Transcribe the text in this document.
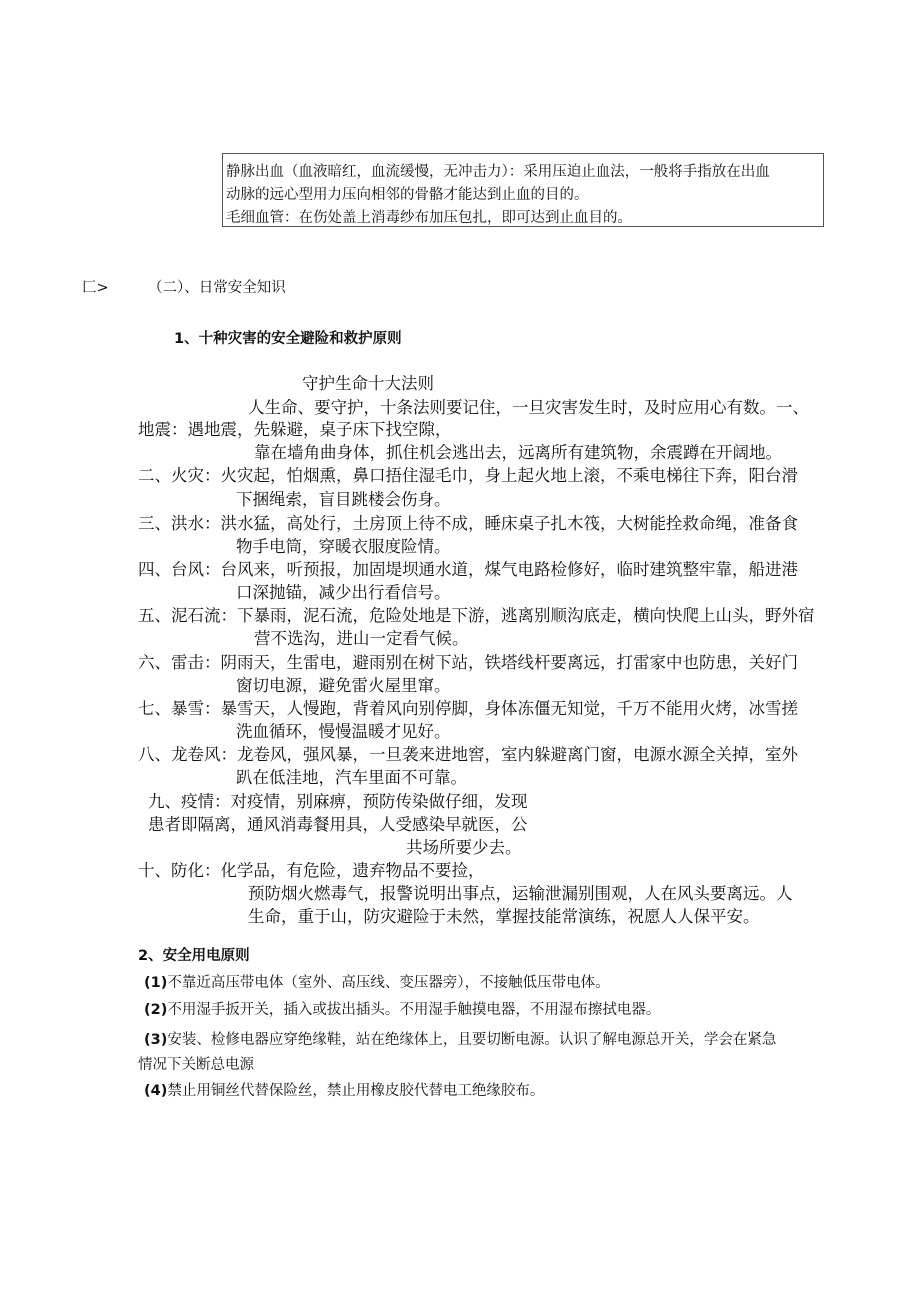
静脉出血（血液暗红，血流缓慢，无冲击力）：采用压迫止血法，一般将手指放在出血
动脉的远心型用力压向相邻的骨骼才能达到止血的目的。
毛细血管：在伤处盖上消毒纱布加压包扎，即可达到止血目的。
匚>	（二）、日常安全知识
1、十种灾害的安全避险和救护原则
守护生命十大法则
人生命、要守护，十条法则要记住，一旦灾害发生时，及时应用心有数。一、
地震：遇地震，先躲避，桌子床下找空隙，
靠在墙角曲身体，抓住机会逃出去，远离所有建筑物，余震蹲在开阔地。
二、火灾：火灾起，怕烟熏，鼻口捂住湿毛巾，身上起火地上滚，不乘电梯往下奔，阳台滑
下捆绳索，盲目跳楼会伤身。
三、洪水：洪水猛，高处行，土房顶上待不成，睡床桌子扎木筏，大树能拴救命绳，准备食
物手电筒，穿暖衣服度险情。
四、台风：台风来，听预报，加固堤坝通水道，煤气电路检修好，临时建筑整牢靠，船进港
口深抛锚，减少出行看信号。
五、泥石流：下暴雨，泥石流，危险处地是下游，逃离别顺沟底走，横向快爬上山头，野外宿
营不选沟，进山一定看气候。
六、雷击：阴雨天，生雷电，避雨别在树下站，铁塔线杆要离远，打雷家中也防患，关好门
窗切电源，避免雷火屋里窜。
七、暴雪：暴雪天，人慢跑，背着风向别停脚，身体冻僵无知觉，千万不能用火烤，冰雪搓
洗血循环，慢慢温暖才见好。
八、龙卷风：龙卷风，强风暴，一旦袭来进地窖，室内躲避离门窗，电源水源全关掉，室外
趴在低洼地，汽车里面不可靠。
九、疫情：对疫情，别麻痹，预防传染做仔细，发现
患者即隔离，通风消毒餐用具，人受感染早就医，公
共场所要少去。
十、防化：化学品，有危险，遗弃物品不要捡，
预防烟火燃毒气，报警说明出事点，运输泄漏别围观，人在风头要离远。人
生命，重于山，防灾避险于未然，掌握技能常演练，祝愿人人保平安。
2、安全用电原则
(1)不靠近高压带电体（室外、高压线、变压器旁），不接触低压带电体。
(2)不用湿手扳开关，插入或拔出插头。不用湿手触摸电器，不用湿布擦拭电器。
(3)安装、检修电器应穿绝缘鞋，站在绝缘体上，且要切断电源。认识了解电源总开关，学会在紧急
情况下关断总电源
(4)禁止用铜丝代替保险丝，禁止用橡皮胶代替电工绝缘胶布。
